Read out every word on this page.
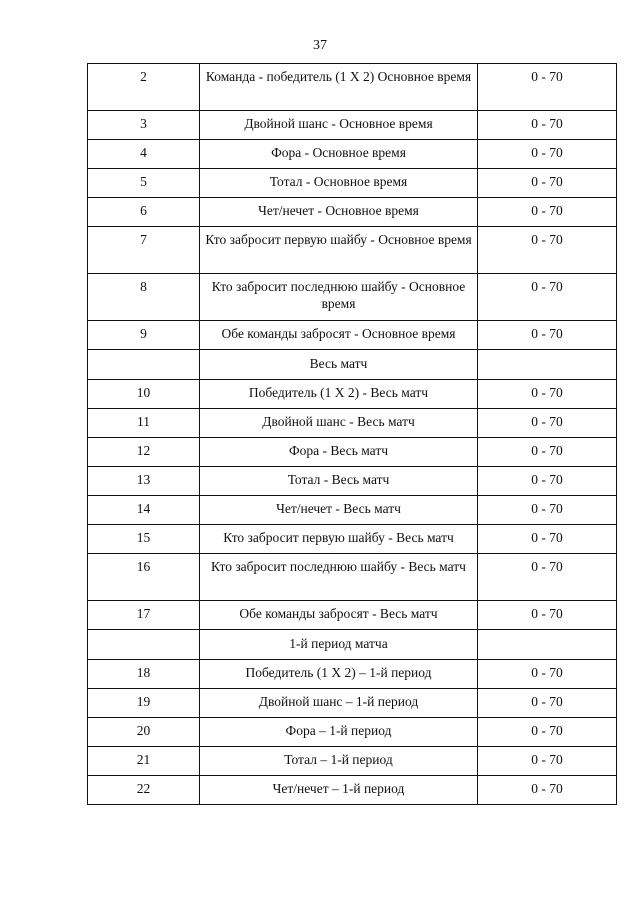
37
2	Команда - победитель (1 Х 2) Основное время	0 - 70
3	Двойной шанс - Основное время	0 - 70
4	Фора - Основное время	0 - 70
5	Тотал - Основное время	0 - 70
6	Чет/нечет - Основное время	0 - 70
7	Кто забросит первую шайбу - Основное время	0 - 70
8	Кто забросит последнюю шайбу - Основное время	0 - 70
9	Обе команды забросят - Основное время	0 - 70
	Весь матч	
10	Победитель (1 Х 2) - Весь матч	0 - 70
11	Двойной шанс - Весь матч	0 - 70
12	Фора - Весь матч	0 - 70
13	Тотал - Весь матч	0 - 70
14	Чет/нечет - Весь матч	0 - 70
15	Кто забросит первую шайбу - Весь матч	0 - 70
16	Кто забросит последнюю шайбу - Весь матч	0 - 70
17	Обе команды забросят - Весь матч	0 - 70
	1-й период матча	
18	Победитель (1 Х 2) – 1-й период	0 - 70
19	Двойной шанс – 1-й период	0 - 70
20	Фора – 1-й период	0 - 70
21	Тотал – 1-й период	0 - 70
22	Чет/нечет – 1-й период	0 - 70
